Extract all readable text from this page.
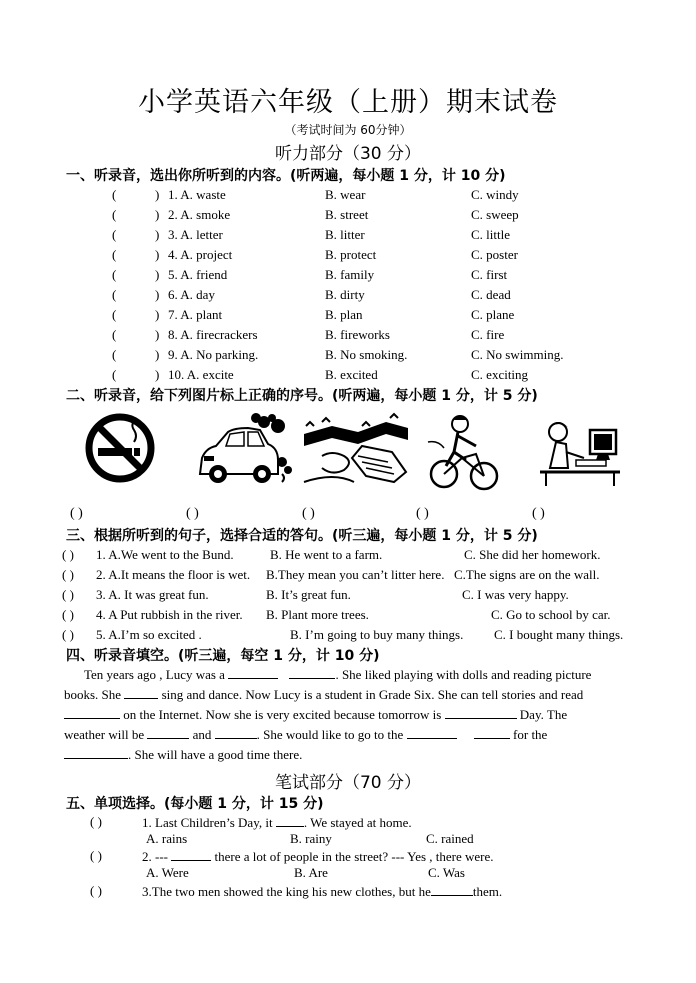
小学英语六年级（上册）期末试卷
（考试时间为 60分钟）
听力部分（30 分）
一、听录音，选出你所听到的内容。(听两遍，每小题 1 分，计 10 分)
(	) 1. A. waste	B. wear	C. windy
(	) 2. A. smoke	B. street	C. sweep
(	) 3. A. letter	B. litter	C. little
(	) 4. A. project	B. protect	C. poster
(	) 5. A. friend	B. family	C. first
(	) 6. A. day	B. dirty	C. dead
(	) 7. A. plant	B. plan	C. plane
(	) 8. A. firecrackers	B. fireworks	C. fire
(	) 9. A. No parking.	B. No smoking.	C. No swimming.
(	) 10. A. excite	B. excited	C. exciting
二、听录音，给下列图片标上正确的序号。(听两遍，每小题 1 分，计 5 分)
( )	( )	( )	( )	( )
三、根据所听到的句子，选择合适的答句。(听三遍，每小题 1 分，计 5 分)
( ) 1. A.We went to the Bund.	B. He went to a farm.	C. She did her homework.
( ) 2. A.It means the floor is wet. B.They mean you can’t litter here. C.The signs are on the wall.
( ) 3. A. It was great fun.	B. It’s great fun.	C. I was very happy.
( ) 4. A Put rubbish in the river. B. Plant more trees.	C. Go to school by car.
( ) 5. A.I’m so excited .	B. I’m going to buy many things. C. I bought many things.
四、听录音填空。(听三遍，每空 1 分，计 10 分)
Ten years ago , Lucy was a	. She liked playing with dolls and reading picture
books. She	sing and dance. Now Lucy is a student in Grade Six. She can tell stories and read
on the Internet. Now she is very excited because tomorrow is	Day. The
weather will be	and	. She would like to go to the	for the
. She will have a good time there.
笔试部分（70 分）
五、单项选择。(每小题 1 分，计 15 分)
( )	1. Last Children’s Day, it . We stayed at home.
A. rains	B. rainy	C. rained
( )	2. ---	there a lot of people in the street? --- Yes , there were.
A. Were	B. Are	C. Was
( )	3.The two men showed the king his new clothes, but he	them.
